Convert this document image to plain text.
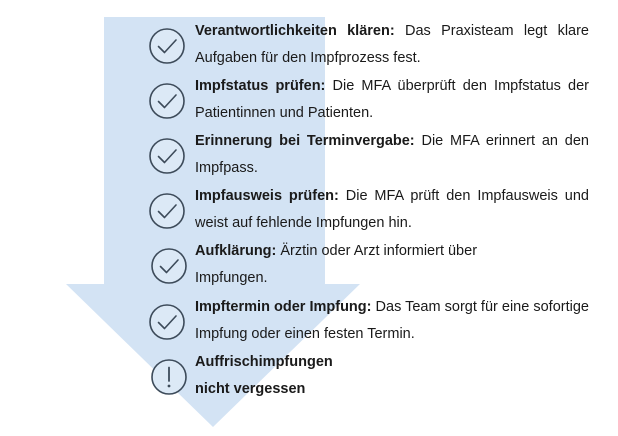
Verantwortlichkeiten klären: Das Praxisteam legt klare Aufgaben für den Impfprozess fest.
Impfstatus prüfen: Die MFA überprüft den Impfstatus der Patientinnen und Patienten.
Erinnerung bei Terminvergabe: Die MFA erinnert an den Impfpass.
Impfausweis prüfen: Die MFA prüft den Impfausweis und weist auf fehlende Impfungen hin.
Aufklärung: Ärztin oder Arzt informiert über Impfungen.
Impftermin oder Impfung: Das Team sorgt für eine sofortige Impfung oder einen festen Termin.
Auffrischimpfungen nicht vergessen
